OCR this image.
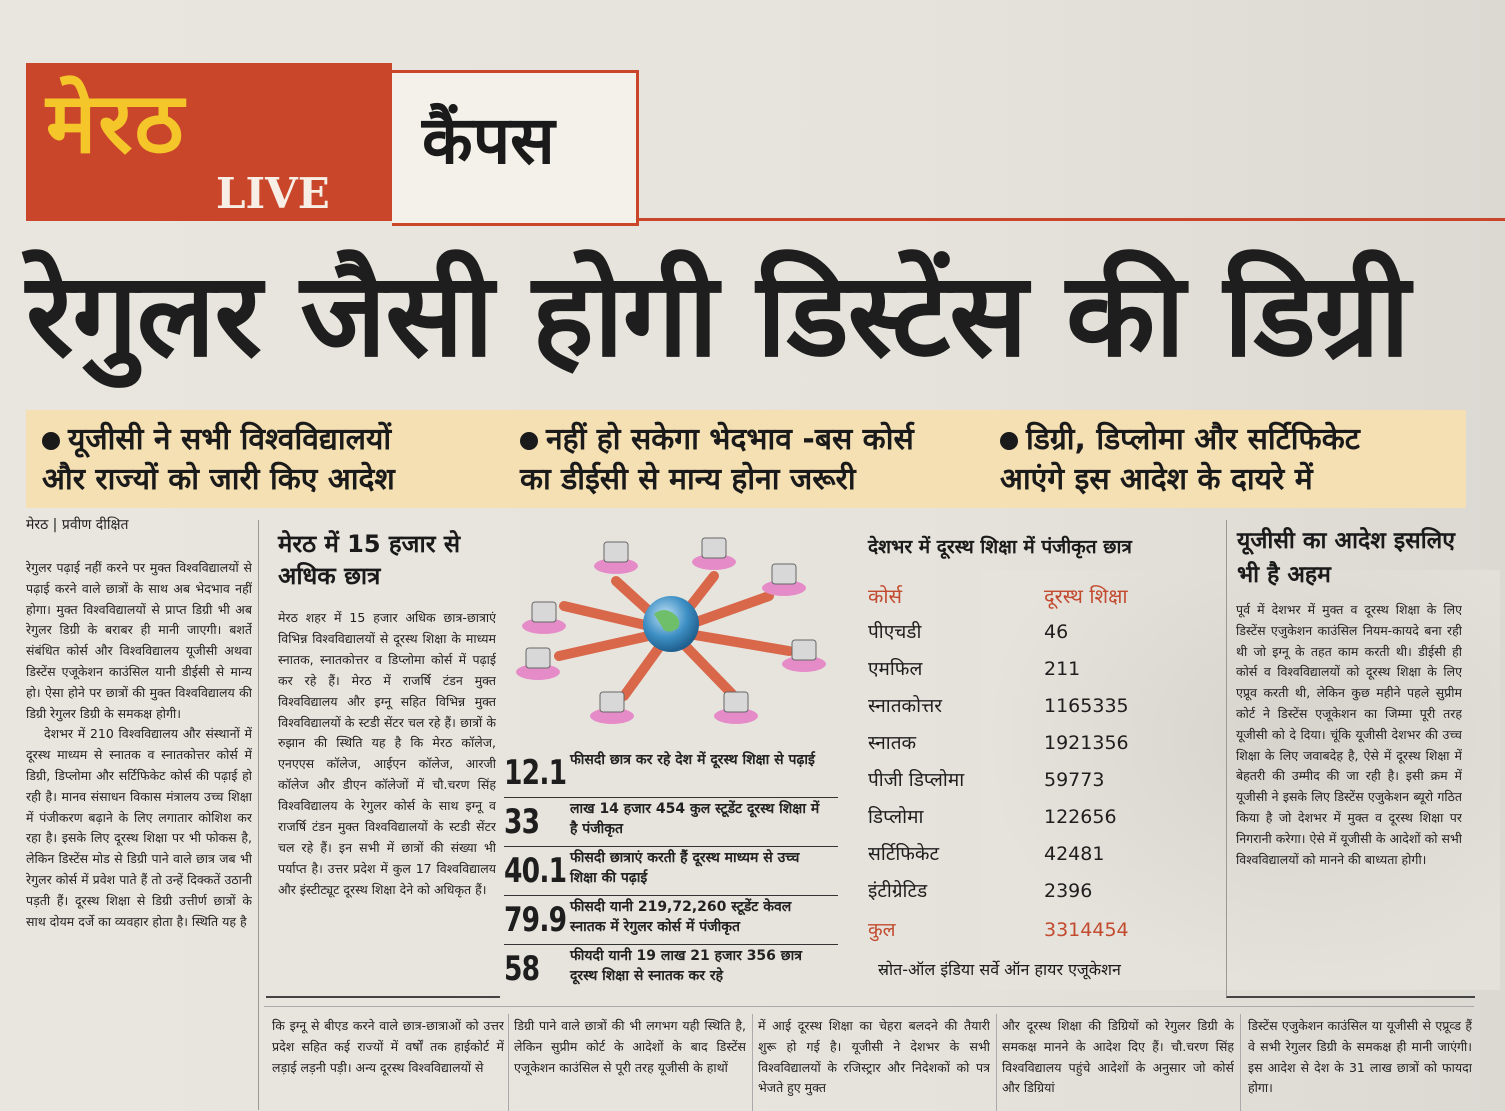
मेरठ
LIVE
कैंपस
रेगुलर जैसी होगी डिस्टेंस की डिग्री
यूजीसी ने सभी विश्वविद्यालयों
और राज्यों को जारी किए आदेश
नहीं हो सकेगा भेदभाव -बस कोर्स
का डीईसी से मान्य होना जरूरी
डिग्री, डिप्लोमा और सर्टिफिकेट
आएंगे इस आदेश के दायरे में
मेरठ | प्रवीण दीक्षित

रेगुलर पढ़ाई नहीं करने पर मुक्त विश्वविद्यालयों से पढ़ाई करने वाले छात्रों के साथ अब भेदभाव नहीं होगा। मुक्त विश्वविद्यालयों से प्राप्त डिग्री भी अब रेगुलर डिग्री के बराबर ही मानी जाएगी। बशर्ते संबंधित कोर्स और विश्वविद्यालय यूजीसी अथवा डिस्टेंस एजूकेशन काउंसिल यानी डीईसी से मान्य हो। ऐसा होने पर छात्रों की मुक्त विश्वविद्यालय की डिग्री रेगुलर डिग्री के समकक्ष होगी।

देशभर में 210 विश्वविद्यालय और संस्थानों में दूरस्थ माध्यम से स्नातक व स्नातकोत्तर कोर्स में डिग्री, डिप्लोमा और सर्टिफिकेट कोर्स की पढ़ाई हो रही है। मानव संसाधन विकास मंत्रालय उच्च शिक्षा में पंजीकरण बढ़ाने के लिए लगातार कोशिश कर रहा है। इसके लिए दूरस्थ शिक्षा पर भी फोकस है, लेकिन डिस्टेंस मोड से डिग्री पाने वाले छात्र जब भी रेगुलर कोर्स में प्रवेश पाते हैं तो उन्हें दिक्कतें उठानी पड़ती हैं। दूरस्थ शिक्षा से डिग्री उत्तीर्ण छात्रों के साथ दोयम दर्जे का व्यवहार होता है। स्थिति यह है

मेरठ में 15 हजार से अधिक छात्र
मेरठ शहर में 15 हजार अधिक छात्र-छात्राएं विभिन्न विश्वविद्यालयों से दूरस्थ शिक्षा के माध्यम स्नातक, स्नातकोत्तर व डिप्लोमा कोर्स में पढ़ाई कर रहे हैं। मेरठ में राजर्षि टंडन मुक्त विश्वविद्यालय और इग्नू सहित विभिन्न मुक्त विश्वविद्यालयों के स्टडी सेंटर चल रहे हैं। छात्रों के रुझान की स्थिति यह है कि मेरठ कॉलेज, एनएएस कॉलेज, आईएन कॉलेज, आरजी कॉलेज और डीएन कॉलेजों में चौ.चरण सिंह विश्वविद्यालय के रेगुलर कोर्स के साथ इग्नू व राजर्षि टंडन मुक्त विश्वविद्यालयों के स्टडी सेंटर चल रहे हैं। इन सभी में छात्रों की संख्या भी पर्याप्त है। उत्तर प्रदेश में कुल 17 विश्वविद्यालय और इंस्टीट्यूट दूरस्थ शिक्षा देने को अधिकृत हैं।
12.1 फीसदी छात्र कर रहे देश में दूरस्थ शिक्षा से पढ़ाई
33 लाख 14 हजार 454 कुल स्टूडेंट दूरस्थ शिक्षा में है पंजीकृत
40.1 फीसदी छात्राएं करती हैं दूरस्थ माध्यम से उच्च शिक्षा की पढ़ाई
79.9 फीसदी यानी 219,72,260 स्टूडेंट केवल स्नातक में रेगुलर कोर्स में पंजीकृत
58 फीयदी यानी 19 लाख 21 हजार 356 छात्र दूरस्थ शिक्षा से स्नातक कर रहे
देशभर में दूरस्थ शिक्षा में पंजीकृत छात्र
कोर्स	दूरस्थ शिक्षा
पीएचडी	46
एमफिल	211
स्नातकोत्तर	1165335
स्नातक	1921356
पीजी डिप्लोमा	59773
डिप्लोमा	122656
सर्टिफिकेट	42481
इंटीग्रेटिड	2396
कुल	3314454
स्रोत-ऑल इंडिया सर्वे ऑन हायर एजूकेशन
यूजीसी का आदेश इसलिए भी है अहम
पूर्व में देशभर में मुक्त व दूरस्थ शिक्षा के लिए डिस्टेंस एजुकेशन काउंसिल नियम-कायदे बना रही थी जो इग्नू के तहत काम करती थी। डीईसी ही कोर्स व विश्वविद्यालयों को दूरस्थ शिक्षा के लिए एप्रूव करती थी, लेकिन कुछ महीने पहले सुप्रीम कोर्ट ने डिस्टेंस एजूकेशन का जिम्मा पूरी तरह यूजीसी को दे दिया। चूंकि यूजीसी देशभर की उच्च शिक्षा के लिए जवाबदेह है, ऐसे में दूरस्थ शिक्षा में बेहतरी की उम्मीद की जा रही है। इसी क्रम में यूजीसी ने इसके लिए डिस्टेंस एजुकेशन ब्यूरो गठित किया है जो देशभर में मुक्त व दूरस्थ शिक्षा पर निगरानी करेगा। ऐसे में यूजीसी के आदेशों को सभी विश्वविद्यालयों को मानने की बाध्यता होगी।
कि इग्नू से बीएड करने वाले छात्र-छात्राओं को उत्तर प्रदेश सहित कई राज्यों में वर्षों तक हाईकोर्ट में लड़ाई लड़नी पड़ी। अन्य दूरस्थ विश्वविद्यालयों से
डिग्री पाने वाले छात्रों की भी लगभग यही स्थिति है, लेकिन सुप्रीम कोर्ट के आदेशों के बाद डिस्टेंस एजूकेशन काउंसिल से पूरी तरह यूजीसी के हाथों
में आई दूरस्थ शिक्षा का चेहरा बलदने की तैयारी शुरू हो गई है। यूजीसी ने देशभर के सभी विश्वविद्यालयों के रजिस्ट्रार और निदेशकों को पत्र भेजते हुए मुक्त
और दूरस्थ शिक्षा की डिग्रियों को रेगुलर डिग्री के समकक्ष मानने के आदेश दिए हैं। चौ.चरण सिंह विश्वविद्यालय पहुंचे आदेशों के अनुसार जो कोर्स और डिग्रियां
डिस्टेंस एजुकेशन काउंसिल या यूजीसी से एप्रूव्ड हैं वे सभी रेगुलर डिग्री के समकक्ष ही मानी जाएंगी। इस आदेश से देश के 31 लाख छात्रों को फायदा होगा।
